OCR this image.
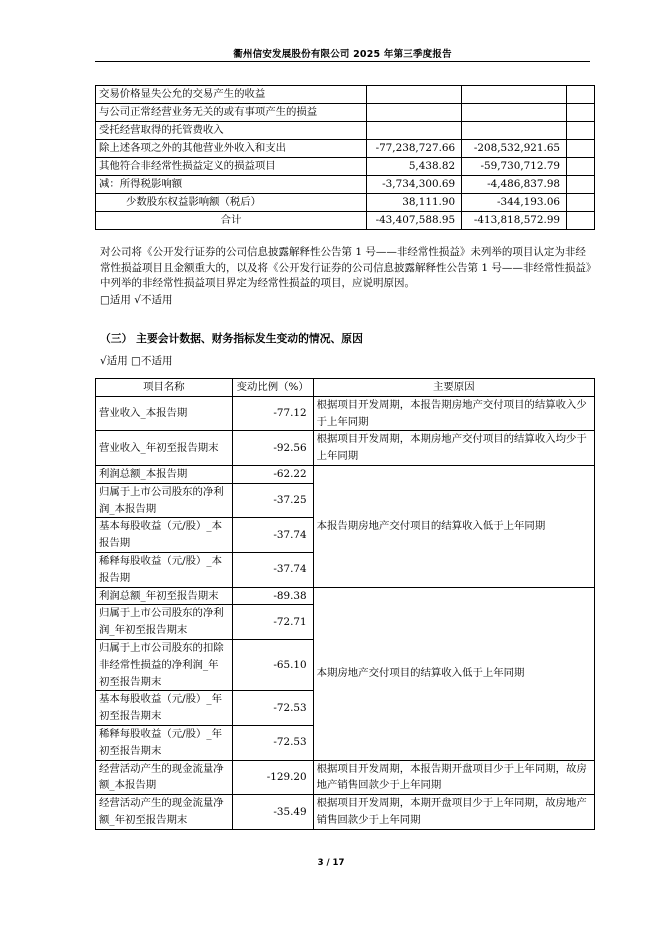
衢州信安发展股份有限公司 2025 年第三季度报告
交易价格显失公允的交易产生的收益			
与公司正常经营业务无关的或有事项产生的损益			
受托经营取得的托管费收入			
除上述各项之外的其他营业外收入和支出	-77,238,727.66	-208,532,921.65	
其他符合非经常性损益定义的损益项目	5,438.82	-59,730,712.79	
减：所得税影响额	-3,734,300.69	-4,486,837.98	
少数股东权益影响额（税后）	38,111.90	-344,193.06	
合计	-43,407,588.95	-413,818,572.99	

对公司将《公开发行证券的公司信息披露解释性公告第 1 号——非经常性损益》未列举的项目认定为非经常性损益项目且金额重大的，以及将《公开发行证券的公司信息披露解释性公告第 1 号——非经常性损益》中列举的非经常性损益项目界定为经常性损益的项目，应说明原因。

□适用 √不适用
（三） 主要会计数据、财务指标发生变动的情况、原因
√适用 □不适用
项目名称	变动比例（%）	主要原因
营业收入_本报告期	-77.12	根据项目开发周期，本报告期房地产交付项目的结算收入少于上年同期
营业收入_年初至报告期末	-92.56	根据项目开发周期，本期房地产交付项目的结算收入均少于上年同期
利润总额_本报告期	-62.22	本报告期房地产交付项目的结算收入低于上年同期
归属于上市公司股东的净利润_本报告期	-37.25	
基本每股收益（元/股）_本报告期	-37.74	
稀释每股收益（元/股）_本报告期	-37.74	
利润总额_年初至报告期末	-89.38	本期房地产交付项目的结算收入低于上年同期
归属于上市公司股东的净利润_年初至报告期末	-72.71	
归属于上市公司股东的扣除非经常性损益的净利润_年初至报告期末	-65.10	
基本每股收益（元/股）_年初至报告期末	-72.53	
稀释每股收益（元/股）_年初至报告期末	-72.53	
经营活动产生的现金流量净额_本报告期	-129.20	根据项目开发周期，本报告期开盘项目少于上年同期，故房地产销售回款少于上年同期
经营活动产生的现金流量净额_年初至报告期末	-35.49	根据项目开发周期，本期开盘项目少于上年同期，故房地产销售回款少于上年同期
3 / 17
